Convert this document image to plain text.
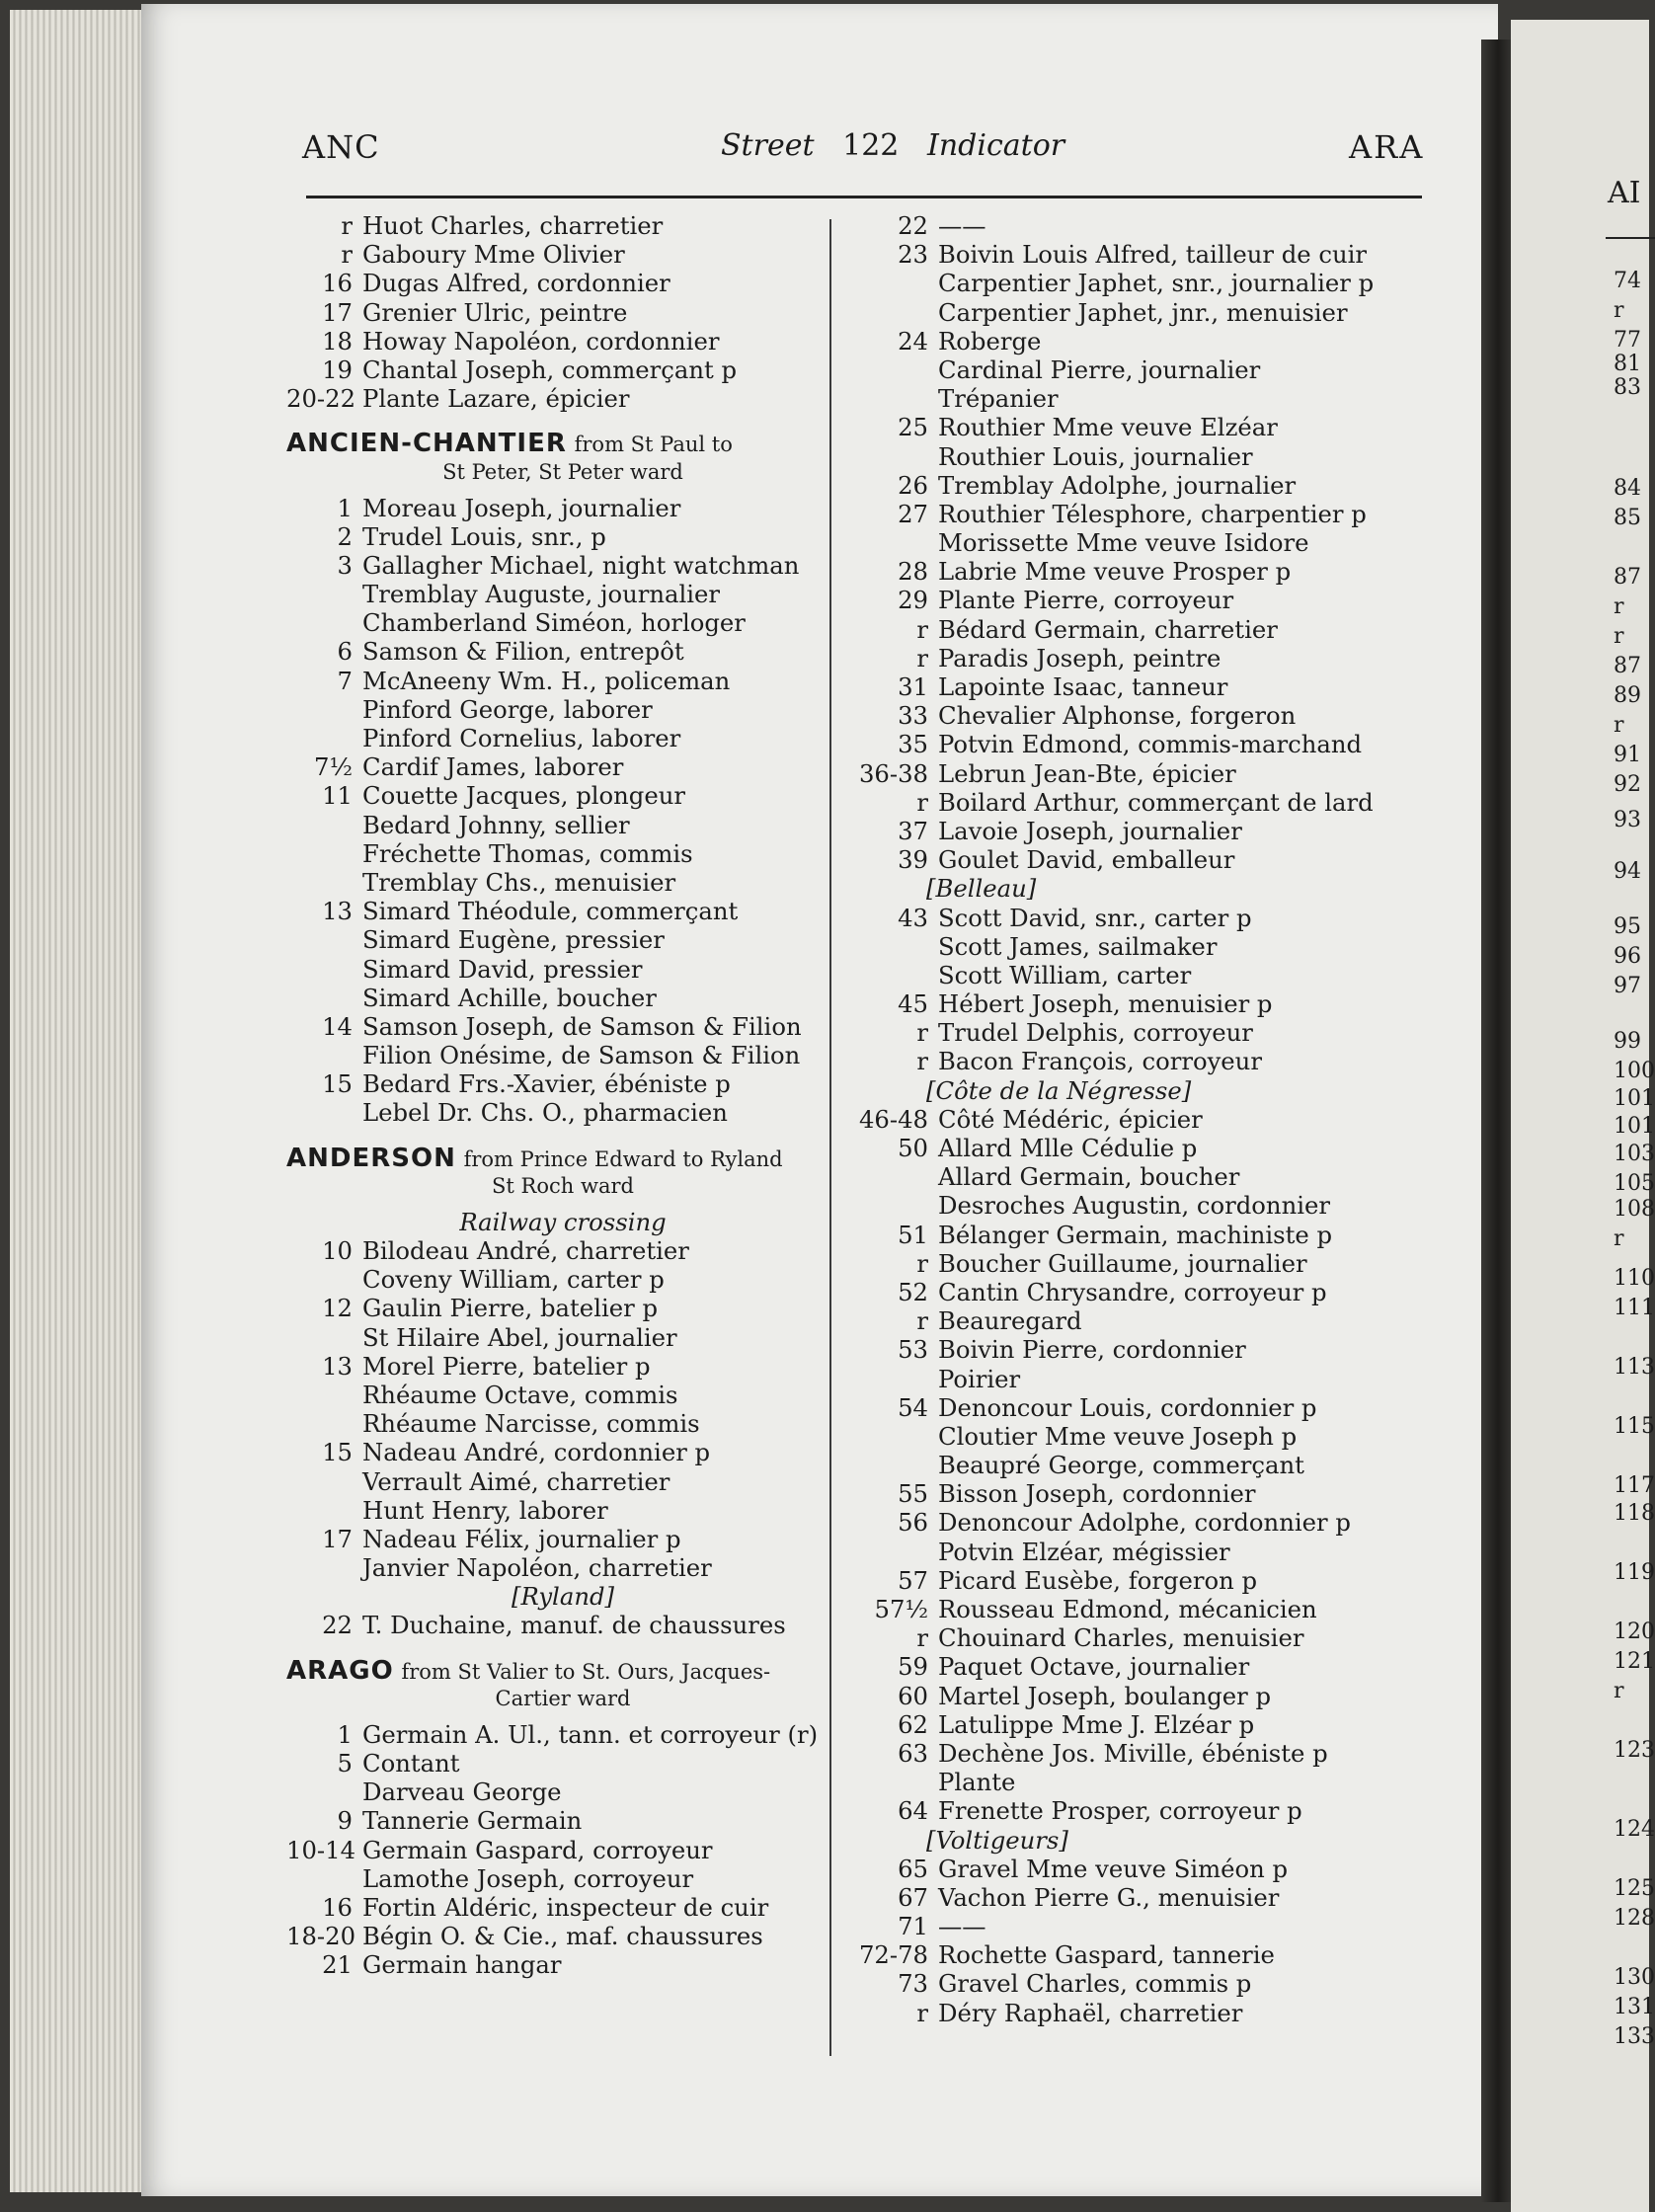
AI
74
r
77
81
83
84
85
87
r
r
87
89
r
91
92
93
94
95
96
97
99
100
101
101
103
105
108
r
110
111
113
115
117
118
119
120
121
r
123
124
125
128
130
131
133
ANC	Street 122 Indicator	ARA
r Huot Charles, charretier
r Gaboury Mme Olivier
16 Dugas Alfred, cordonnier
17 Grenier Ulric, peintre
18 Howay Napoléon, cordonnier
19 Chantal Joseph, commerçant p
20-22 Plante Lazare, épicier
ANCIEN-CHANTIER from St Paul to
St Peter, St Peter ward
1 Moreau Joseph, journalier
2 Trudel Louis, snr., p
3 Gallagher Michael, night watchman
Tremblay Auguste, journalier
Chamberland Siméon, horloger
6 Samson & Filion, entrepôt
7 McAneeny Wm. H., policeman
Pinford George, laborer
Pinford Cornelius, laborer
7½ Cardif James, laborer
11 Couette Jacques, plongeur
Bedard Johnny, sellier
Fréchette Thomas, commis
Tremblay Chs., menuisier
13 Simard Théodule, commerçant
Simard Eugène, pressier
Simard David, pressier
Simard Achille, boucher
14 Samson Joseph, de Samson & Filion
Filion Onésime, de Samson & Filion
15 Bedard Frs.-Xavier, ébéniste p
Lebel Dr. Chs. O., pharmacien
ANDERSON from Prince Edward to Ryland
St Roch ward
Railway crossing
10 Bilodeau André, charretier
Coveny William, carter p
12 Gaulin Pierre, batelier p
St Hilaire Abel, journalier
13 Morel Pierre, batelier p
Rhéaume Octave, commis
Rhéaume Narcisse, commis
15 Nadeau André, cordonnier p
Verrault Aimé, charretier
Hunt Henry, laborer
17 Nadeau Félix, journalier p
Janvier Napoléon, charretier
[Ryland]
22 T. Duchaine, manuf. de chaussures
ARAGO from St Valier to St. Ours, Jacques-
Cartier ward
1 Germain A. Ul., tann. et corroyeur (r)
5 Contant
Darveau George
9 Tannerie Germain
10-14 Germain Gaspard, corroyeur
Lamothe Joseph, corroyeur
16 Fortin Aldéric, inspecteur de cuir
18-20 Bégin O. & Cie., maf. chaussures
21 Germain hangar
22 ——
23 Boivin Louis Alfred, tailleur de cuir
Carpentier Japhet, snr., journalier p
Carpentier Japhet, jnr., menuisier
24 Roberge
Cardinal Pierre, journalier
Trépanier
25 Routhier Mme veuve Elzéar
Routhier Louis, journalier
26 Tremblay Adolphe, journalier
27 Routhier Télesphore, charpentier p
Morissette Mme veuve Isidore
28 Labrie Mme veuve Prosper p
29 Plante Pierre, corroyeur
r Bédard Germain, charretier
r Paradis Joseph, peintre
31 Lapointe Isaac, tanneur
33 Chevalier Alphonse, forgeron
35 Potvin Edmond, commis-marchand
36-38 Lebrun Jean-Bte, épicier
r Boilard Arthur, commerçant de lard
37 Lavoie Joseph, journalier
39 Goulet David, emballeur
[Belleau]
43 Scott David, snr., carter p
Scott James, sailmaker
Scott William, carter
45 Hébert Joseph, menuisier p
r Trudel Delphis, corroyeur
r Bacon François, corroyeur
[Côte de la Négresse]
46-48 Côté Médéric, épicier
50 Allard Mlle Cédulie p
Allard Germain, boucher
Desroches Augustin, cordonnier
51 Bélanger Germain, machiniste p
r Boucher Guillaume, journalier
52 Cantin Chrysandre, corroyeur p
r Beauregard
53 Boivin Pierre, cordonnier
Poirier
54 Denoncour Louis, cordonnier p
Cloutier Mme veuve Joseph p
Beaupré George, commerçant
55 Bisson Joseph, cordonnier
56 Denoncour Adolphe, cordonnier p
Potvin Elzéar, mégissier
57 Picard Eusèbe, forgeron p
57½ Rousseau Edmond, mécanicien
r Chouinard Charles, menuisier
59 Paquet Octave, journalier
60 Martel Joseph, boulanger p
62 Latulippe Mme J. Elzéar p
63 Dechène Jos. Miville, ébéniste p
Plante
64 Frenette Prosper, corroyeur p
[Voltigeurs]
65 Gravel Mme veuve Siméon p
67 Vachon Pierre G., menuisier
71 ——
72-78 Rochette Gaspard, tannerie
73 Gravel Charles, commis p
r Déry Raphaël, charretier
